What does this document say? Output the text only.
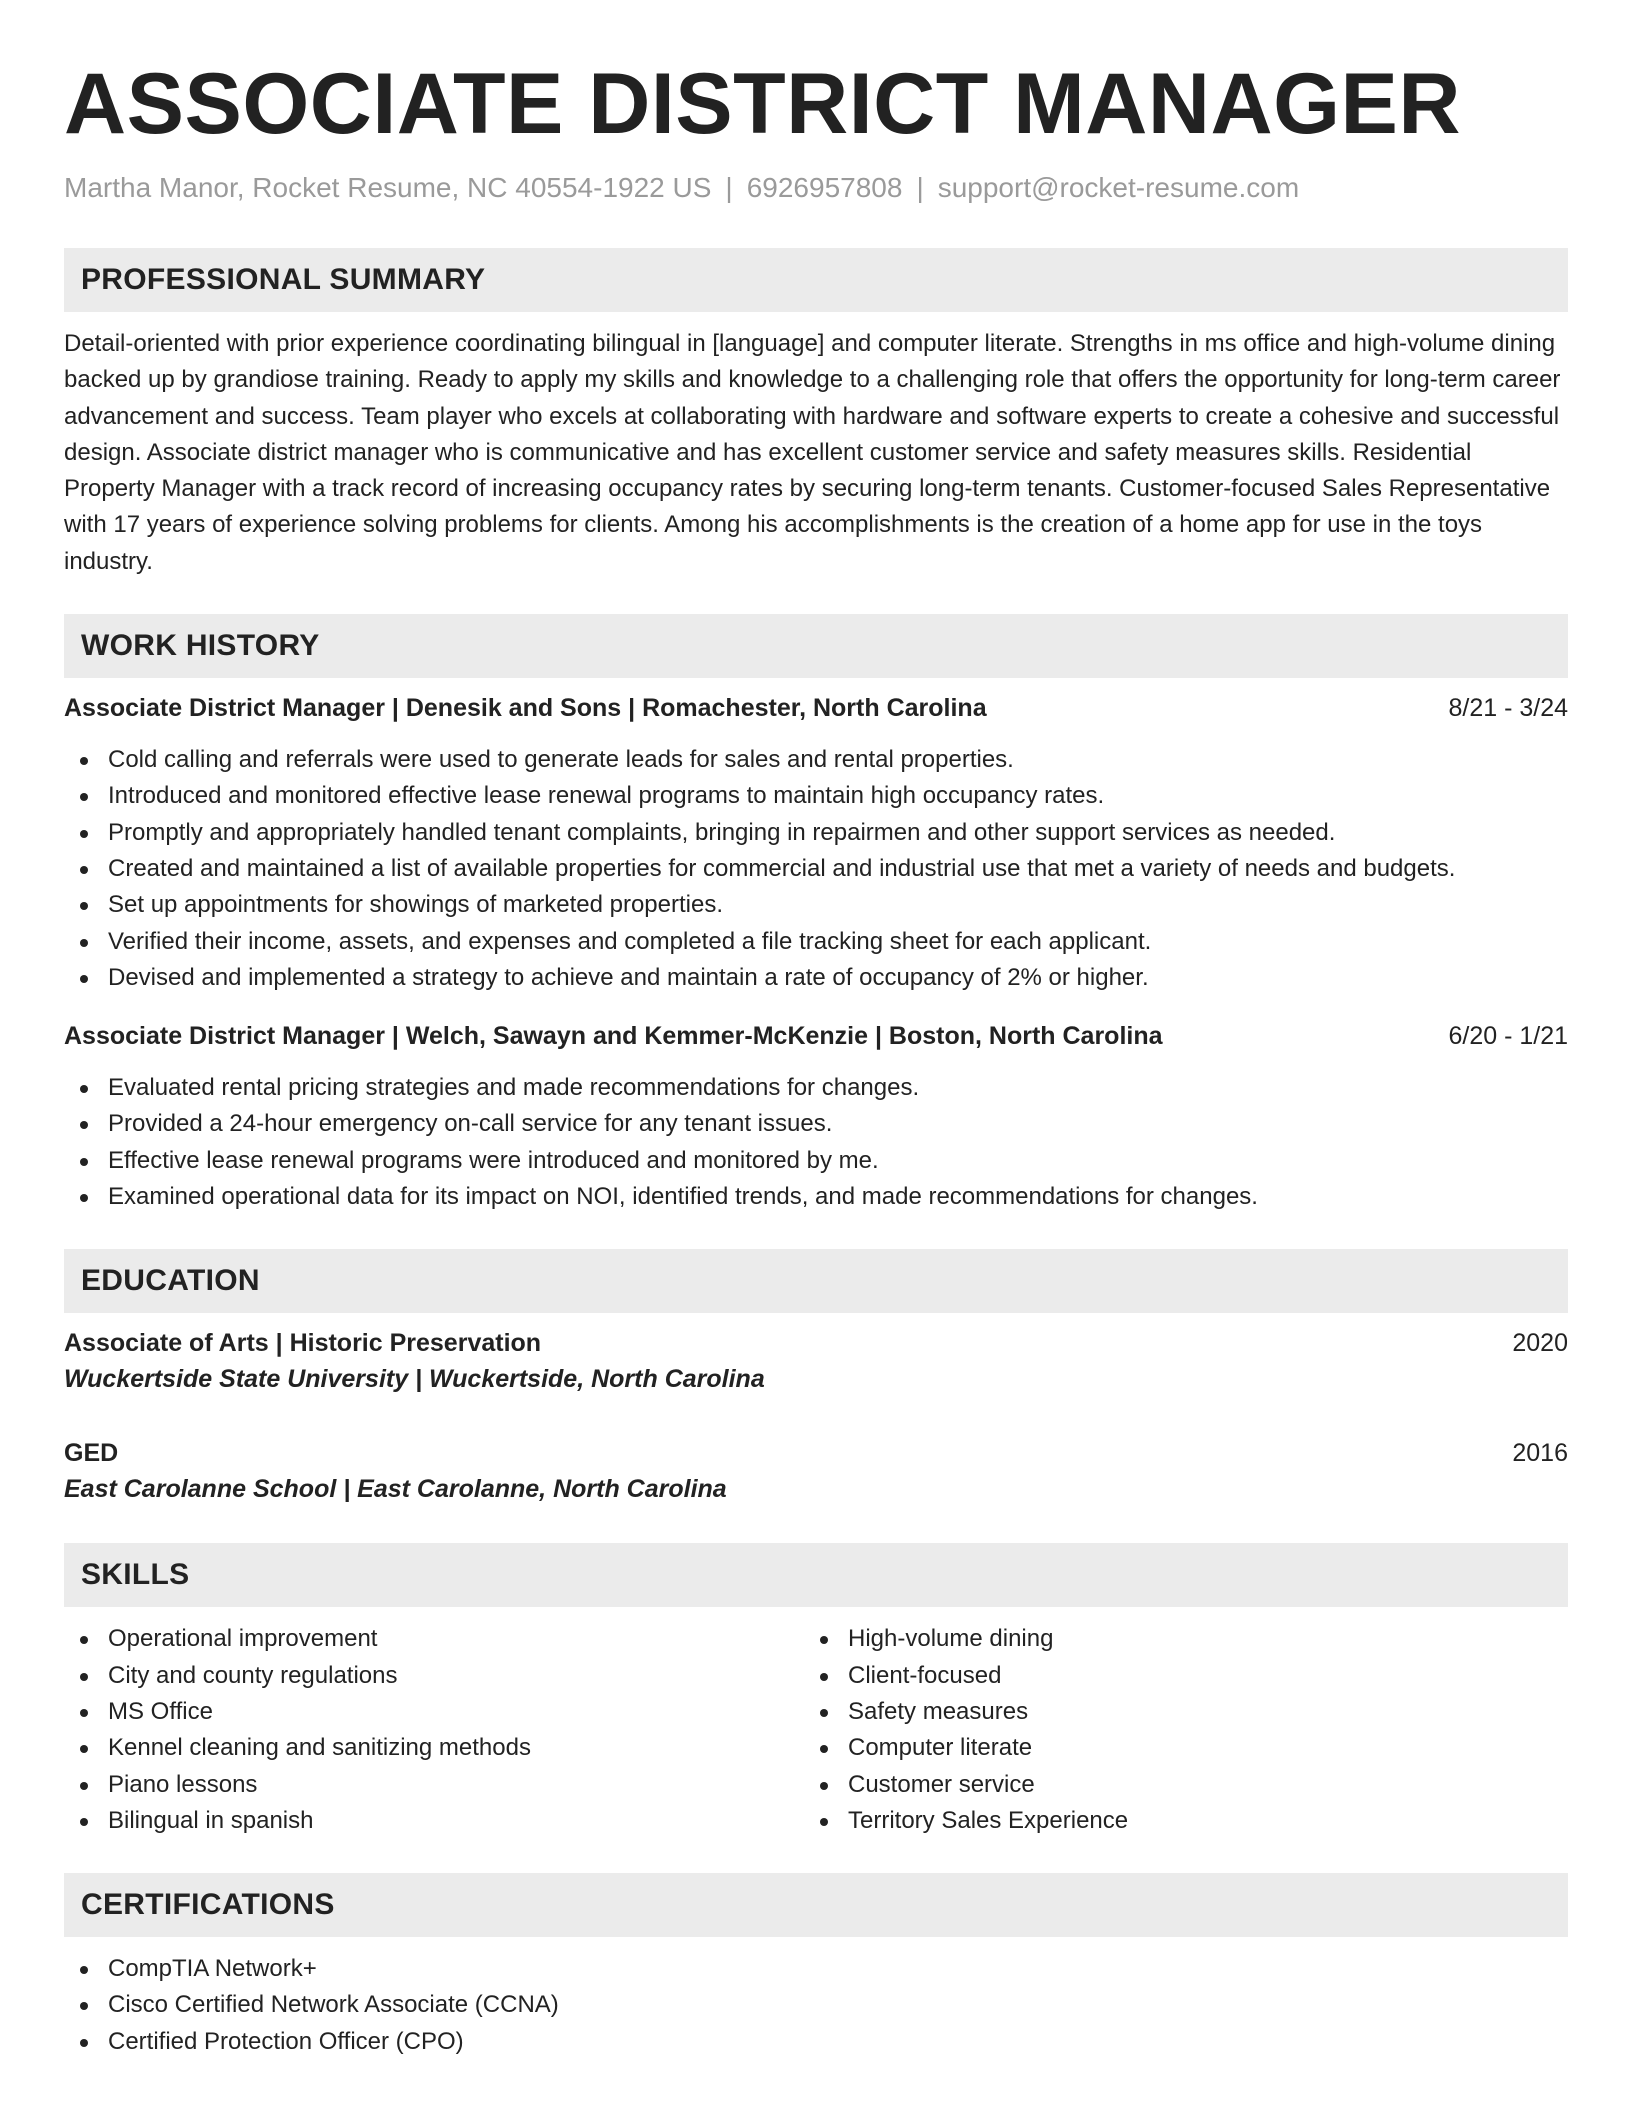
ASSOCIATE DISTRICT MANAGER
Martha Manor, Rocket Resume, NC 40554-1922 US | 6926957808 | support@rocket-resume.com
PROFESSIONAL SUMMARY
Detail-oriented with prior experience coordinating bilingual in [language] and computer literate. Strengths in ms office and high-volume dining backed up by grandiose training. Ready to apply my skills and knowledge to a challenging role that offers the opportunity for long-term career advancement and success. Team player who excels at collaborating with hardware and software experts to create a cohesive and successful design. Associate district manager who is communicative and has excellent customer service and safety measures skills. Residential Property Manager with a track record of increasing occupancy rates by securing long-term tenants. Customer-focused Sales Representative with 17 years of experience solving problems for clients. Among his accomplishments is the creation of a home app for use in the toys industry.
WORK HISTORY
Associate District Manager | Denesik and Sons | Romachester, North Carolina	8/21 - 3/24
Cold calling and referrals were used to generate leads for sales and rental properties.
Introduced and monitored effective lease renewal programs to maintain high occupancy rates.
Promptly and appropriately handled tenant complaints, bringing in repairmen and other support services as needed.
Created and maintained a list of available properties for commercial and industrial use that met a variety of needs and budgets.
Set up appointments for showings of marketed properties.
Verified their income, assets, and expenses and completed a file tracking sheet for each applicant.
Devised and implemented a strategy to achieve and maintain a rate of occupancy of 2% or higher.
Associate District Manager | Welch, Sawayn and Kemmer-McKenzie | Boston, North Carolina	6/20 - 1/21
Evaluated rental pricing strategies and made recommendations for changes.
Provided a 24-hour emergency on-call service for any tenant issues.
Effective lease renewal programs were introduced and monitored by me.
Examined operational data for its impact on NOI, identified trends, and made recommendations for changes.
EDUCATION
Associate of Arts | Historic Preservation	2020
Wuckertside State University | Wuckertside, North Carolina
GED	2016
East Carolanne School | East Carolanne, North Carolina
SKILLS
Operational improvement
City and county regulations
MS Office
Kennel cleaning and sanitizing methods
Piano lessons
Bilingual in spanish
High-volume dining
Client-focused
Safety measures
Computer literate
Customer service
Territory Sales Experience
CERTIFICATIONS
CompTIA Network+
Cisco Certified Network Associate (CCNA)
Certified Protection Officer (CPO)
